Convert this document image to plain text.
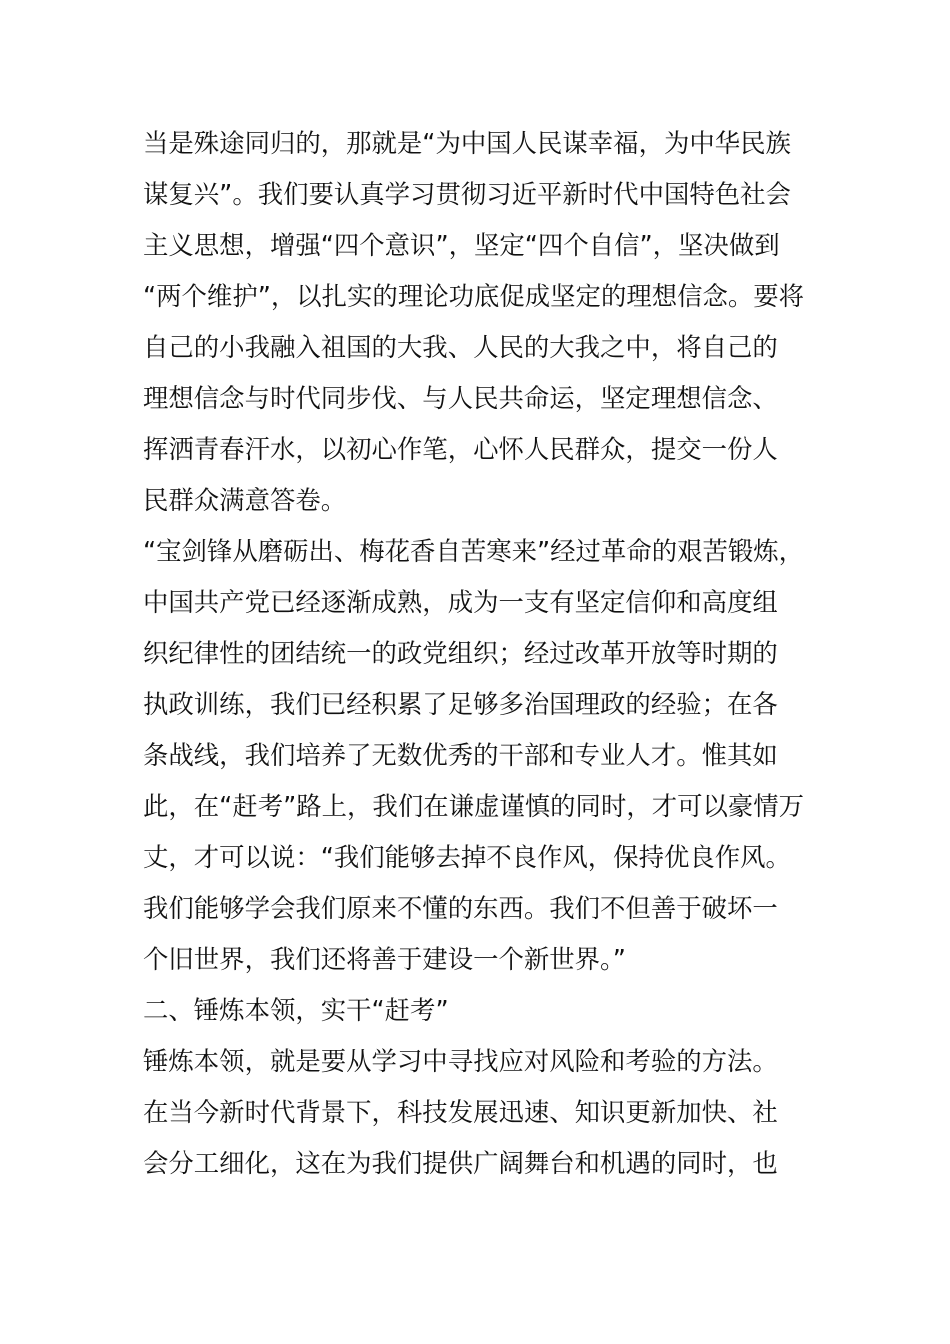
当是殊途同归的，那就是“为中国人民谋幸福，为中华民族
谋复兴”。我们要认真学习贯彻习近平新时代中国特色社会
主义思想，增强“四个意识”，坚定“四个自信”，坚决做到
“两个维护”，以扎实的理论功底促成坚定的理想信念。要将
自己的小我融入祖国的大我、人民的大我之中，将自己的
理想信念与时代同步伐、与人民共命运，坚定理想信念、
挥洒青春汗水，以初心作笔，心怀人民群众，提交一份人
民群众满意答卷。
“宝剑锋从磨砺出、梅花香自苦寒来”经过革命的艰苦锻炼，
中国共产党已经逐渐成熟，成为一支有坚定信仰和高度组
织纪律性的团结统一的政党组织；经过改革开放等时期的
执政训练，我们已经积累了足够多治国理政的经验；在各
条战线，我们培养了无数优秀的干部和专业人才。惟其如
此，在“赶考”路上，我们在谦虚谨慎的同时，才可以豪情万
丈，才可以说：“我们能够去掉不良作风，保持优良作风。
我们能够学会我们原来不懂的东西。我们不但善于破坏一
个旧世界，我们还将善于建设一个新世界。”
二、锤炼本领，实干“赶考”
锤炼本领，就是要从学习中寻找应对风险和考验的方法。
在当今新时代背景下，科技发展迅速、知识更新加快、社
会分工细化，这在为我们提供广阔舞台和机遇的同时，也
